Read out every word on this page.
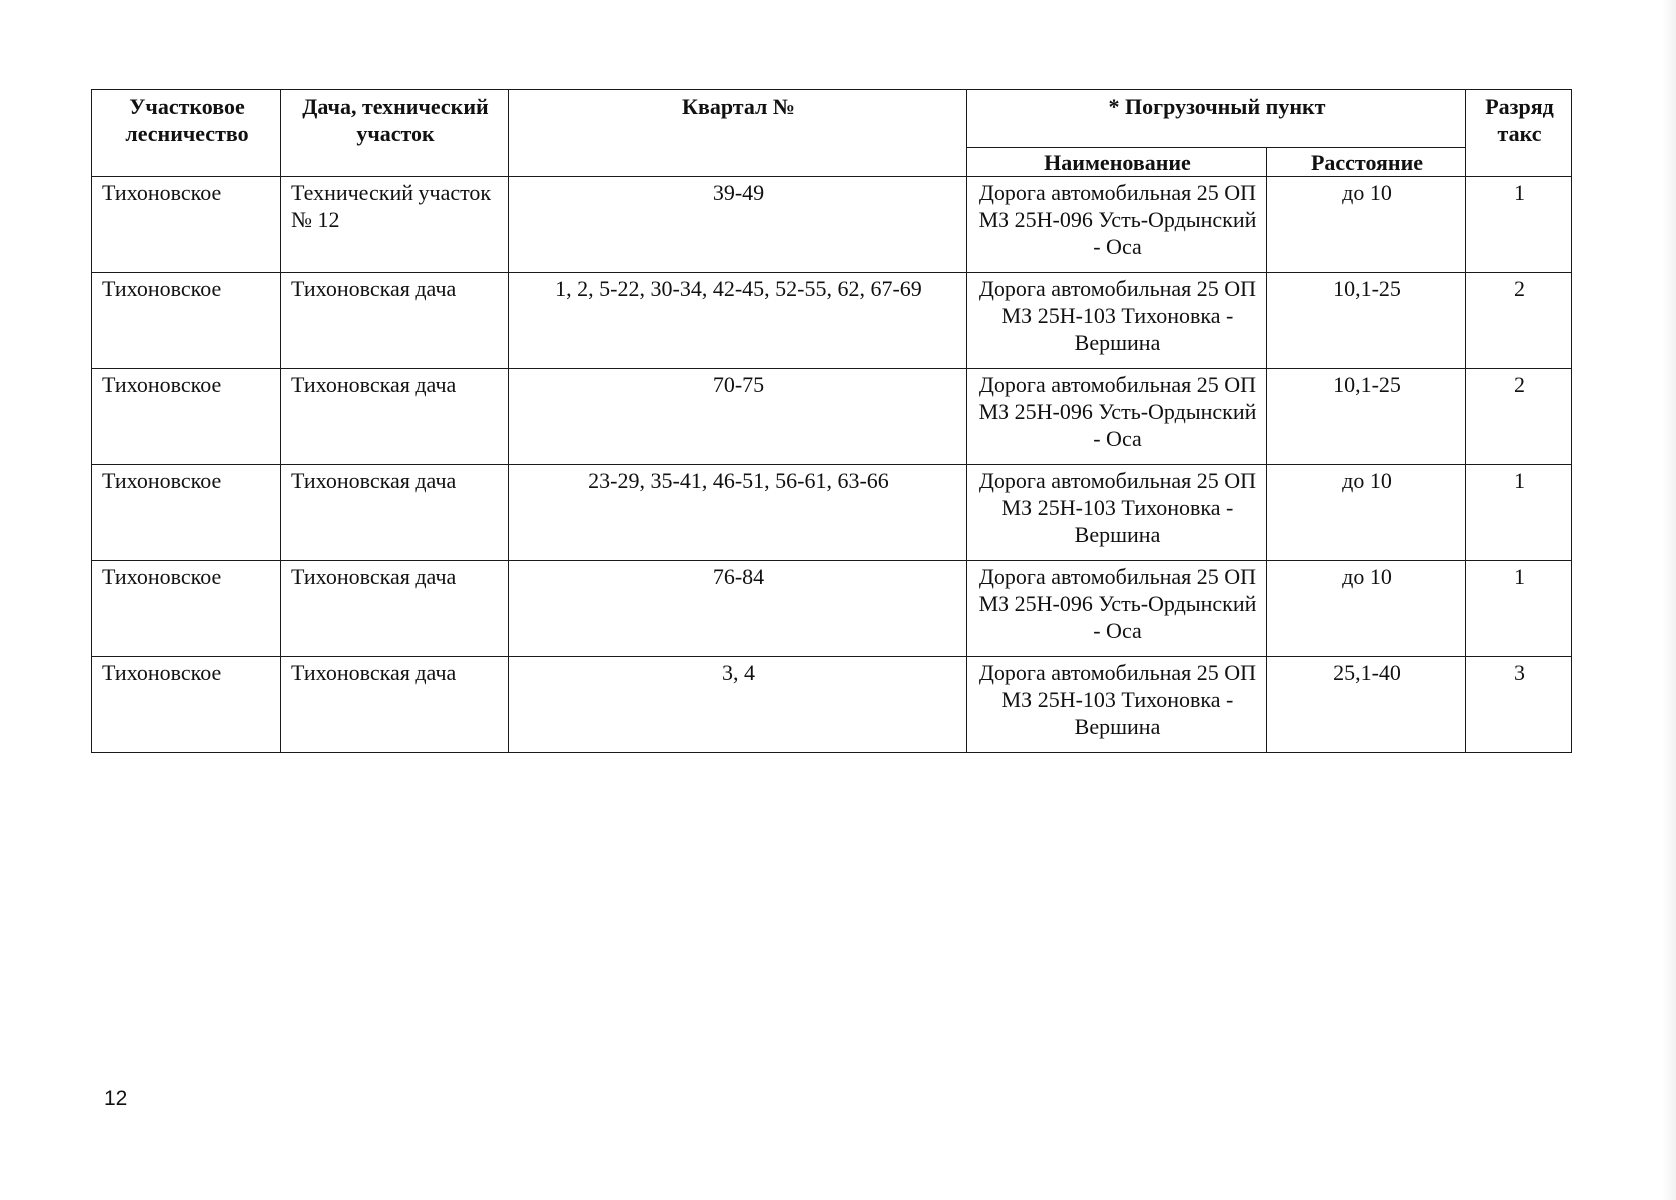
Участковое лесничество	Дача, технический участок	Квартал №	* Погрузочный пункт		Разряд такс
			Наименование	Расстояние	
Тихоновское	Технический участок № 12	39-49	Дорога автомобильная 25 ОП МЗ 25Н-096 Усть-Ордынский - Оса	до 10	1
Тихоновское	Тихоновская дача	1, 2, 5-22, 30-34, 42-45, 52-55, 62, 67-69	Дорога автомобильная 25 ОП МЗ 25Н-103 Тихоновка - Вершина	10,1-25	2
Тихоновское	Тихоновская дача	70-75	Дорога автомобильная 25 ОП МЗ 25Н-096 Усть-Ордынский - Оса	10,1-25	2
Тихоновское	Тихоновская дача	23-29, 35-41, 46-51, 56-61, 63-66	Дорога автомобильная 25 ОП МЗ 25Н-103 Тихоновка - Вершина	до 10	1
Тихоновское	Тихоновская дача	76-84	Дорога автомобильная 25 ОП МЗ 25Н-096 Усть-Ордынский - Оса	до 10	1
Тихоновское	Тихоновская дача	3, 4	Дорога автомобильная 25 ОП МЗ 25Н-103 Тихоновка - Вершина	25,1-40	3
12
